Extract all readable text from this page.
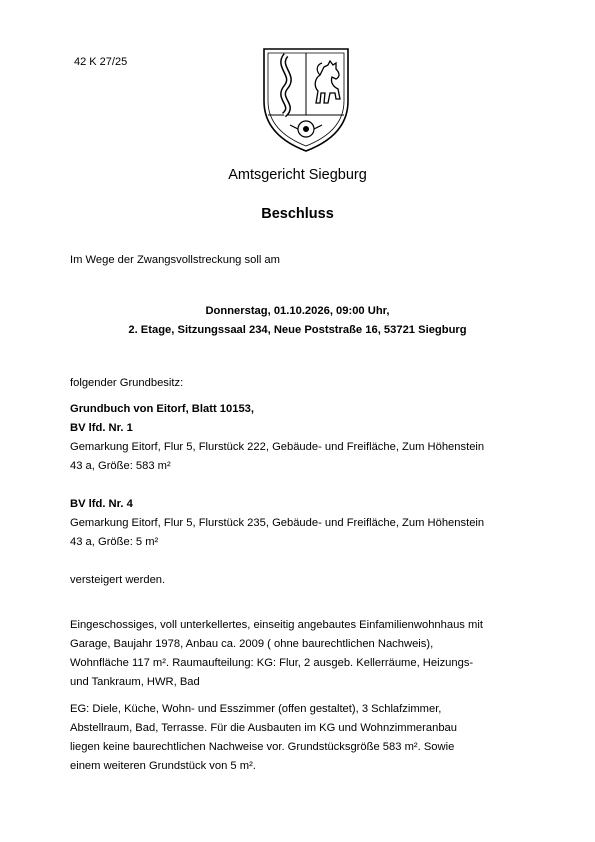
42 K 27/25
Amtsgericht Siegburg
Beschluss
Im Wege der Zwangsvollstreckung soll am
Donnerstag, 01.10.2026, 09:00 Uhr,
2. Etage, Sitzungssaal 234, Neue Poststraße 16, 53721 Siegburg
folgender Grundbesitz:
Grundbuch von Eitorf, Blatt 10153,
BV lfd. Nr. 1
Gemarkung Eitorf, Flur 5, Flurstück 222, Gebäude- und Freifläche, Zum Höhenstein
43 a, Größe: 583 m²
BV lfd. Nr. 4
Gemarkung Eitorf, Flur 5, Flurstück 235, Gebäude- und Freifläche, Zum Höhenstein
43 a, Größe: 5 m²
versteigert werden.

Eingeschossiges, voll unterkellertes, einseitig angebautes Einfamilienwohnhaus mit
Garage, Baujahr 1978, Anbau ca. 2009 ( ohne baurechtlichen Nachweis),
Wohnfläche 117 m². Raumaufteilung: KG: Flur, 2 ausgeb. Kellerräume, Heizungs-
und Tankraum, HWR, Bad

EG: Diele, Küche, Wohn- und Esszimmer (offen gestaltet), 3 Schlafzimmer,
Abstellraum, Bad, Terrasse. Für die Ausbauten im KG und Wohnzimmeranbau
liegen keine baurechtlichen Nachweise vor. Grundstücksgröße 583 m². Sowie
einem weiteren Grundstück von 5 m².
